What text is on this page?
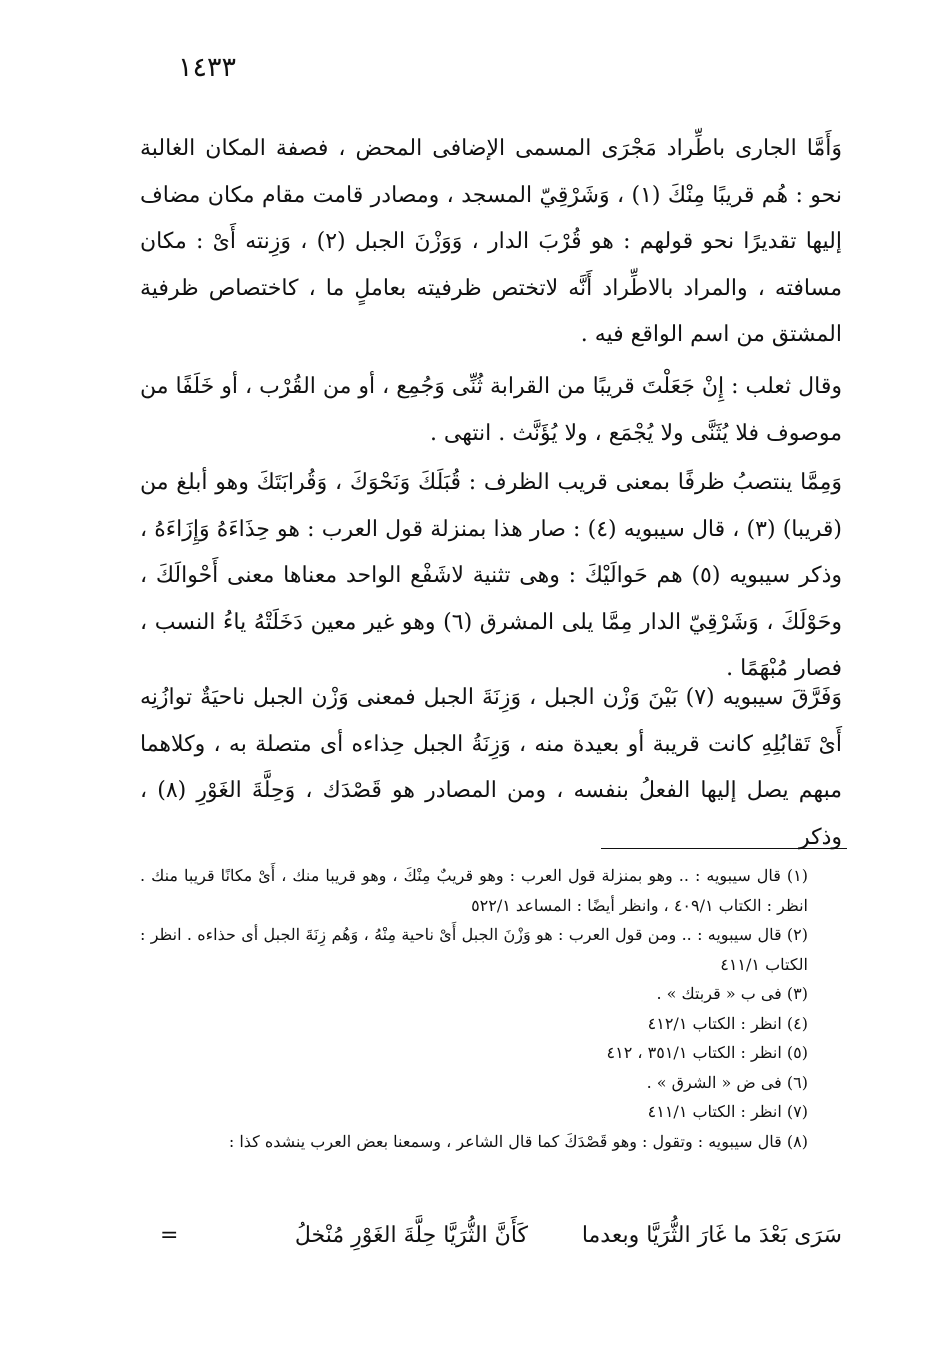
١٤٣٣

وَأَمَّا الجارى باطِّراد مَجْرَى المسمى الإضافى المحض ، فصفة المكان الغالبة نحو : هُم قريبًا مِنْكَ (١) ، وَشَرْقِيّ المسجد ، ومصادر قامت مقام مكان مضاف إليها تقديرًا نحو قولهم : هو قُرْبَ الدار ، وَوَزْنَ الجبل (٢) ، وَزِنته أَىْ : مكان مسافته ، والمراد بالاطِّراد أَنَّه لاتختص ظرفيته بعاملٍ ما ، كاختصاص ظرفية المشتق من اسم الواقع فيه .

وقال ثعلب : إِنْ جَعَلْتَ قريبًا من القرابة ثُنِّى وَجُمِع ، أو من القُرْب ، أو خَلَفًا من موصوف فلا يُثَنَّى ولا يُجْمَع ، ولا يُؤَنَّث . انتهى .

وَمِمَّا ينتصبُ ظرفًا بمعنى قريب الظرف : قُبَلَكَ وَنَحْوَكَ ، وَقُرابَتَكَ وهو أبلغ من (قريبا) (٣) ، قال سيبويه (٤) : صار هذا بمنزلة قول العرب : هو حِذَاءَهُ وَإِزَاءَهُ ، وذكر سيبويه (٥) هم حَوالَيْكَ : وهى تثنية لاشَفْع الواحد معناها معنى أَحْوالَكَ ، وحَوْلَكَ ، وَشَرْقِيّ الدار مِمَّا يلى المشرق (٦) وهو غير معين دَخَلَتْهُ ياءُ النسب ، فصار مُبْهَمًا .

وَفَرَّقَ سيبويه (٧) بَيْنَ وَزْن الجبل ، وَزِنَةَ الجبل فمعنى وَزْن الجبل ناحيَةٌ توازُنِه أَىْ تَقابُلِهِ كانت قريبة أو بعيدة منه ، وَزِنَةُ الجبل حِذاءه أى متصلة به ، وكلاهما مبهم يصل إليها الفعلُ بنفسه ، ومن المصادر هو قَصْدَك ، وَحِلَّةَ الغَوْرِ (٨) ، وذكر

(١) قال سيبويه : .. وهو بمنزلة قول العرب : وهو قريبٌ مِنْكَ ، وهو قريبا منك ، أَىْ مكانًا قريبا منك . انظر : الكتاب ٤٠٩/١ ، وانظر أيضًا : المساعد ٥٢٢/١

(٢) قال سيبويه : .. ومن قول العرب : هو وَزْنَ الجبل أَىْ ناحية مِنْهُ ، وَهُم زِنَةَ الجبل أى حذاءه . انظر : الكتاب ٤١١/١

(٣) فى ب « قربتك » .

(٤) انظر : الكتاب ٤١٢/١

(٥) انظر : الكتاب ٣٥١/١ ، ٤١٢

(٦) فى ض « الشرق » .

(٧) انظر : الكتاب ٤١١/١

(٨) قال سيبويه : وتقول : وهو قَصْدَكَ كما قال الشاعر ، وسمعنا بعض العرب ينشده كذا :

سَرَى بَعْدَ ما غَارَ الثُّرَيَّا وبعدما
كَأَنَّ الثُّرَيَّا حِلَّةَ الغَوْرِ مُنْخلُ
=
